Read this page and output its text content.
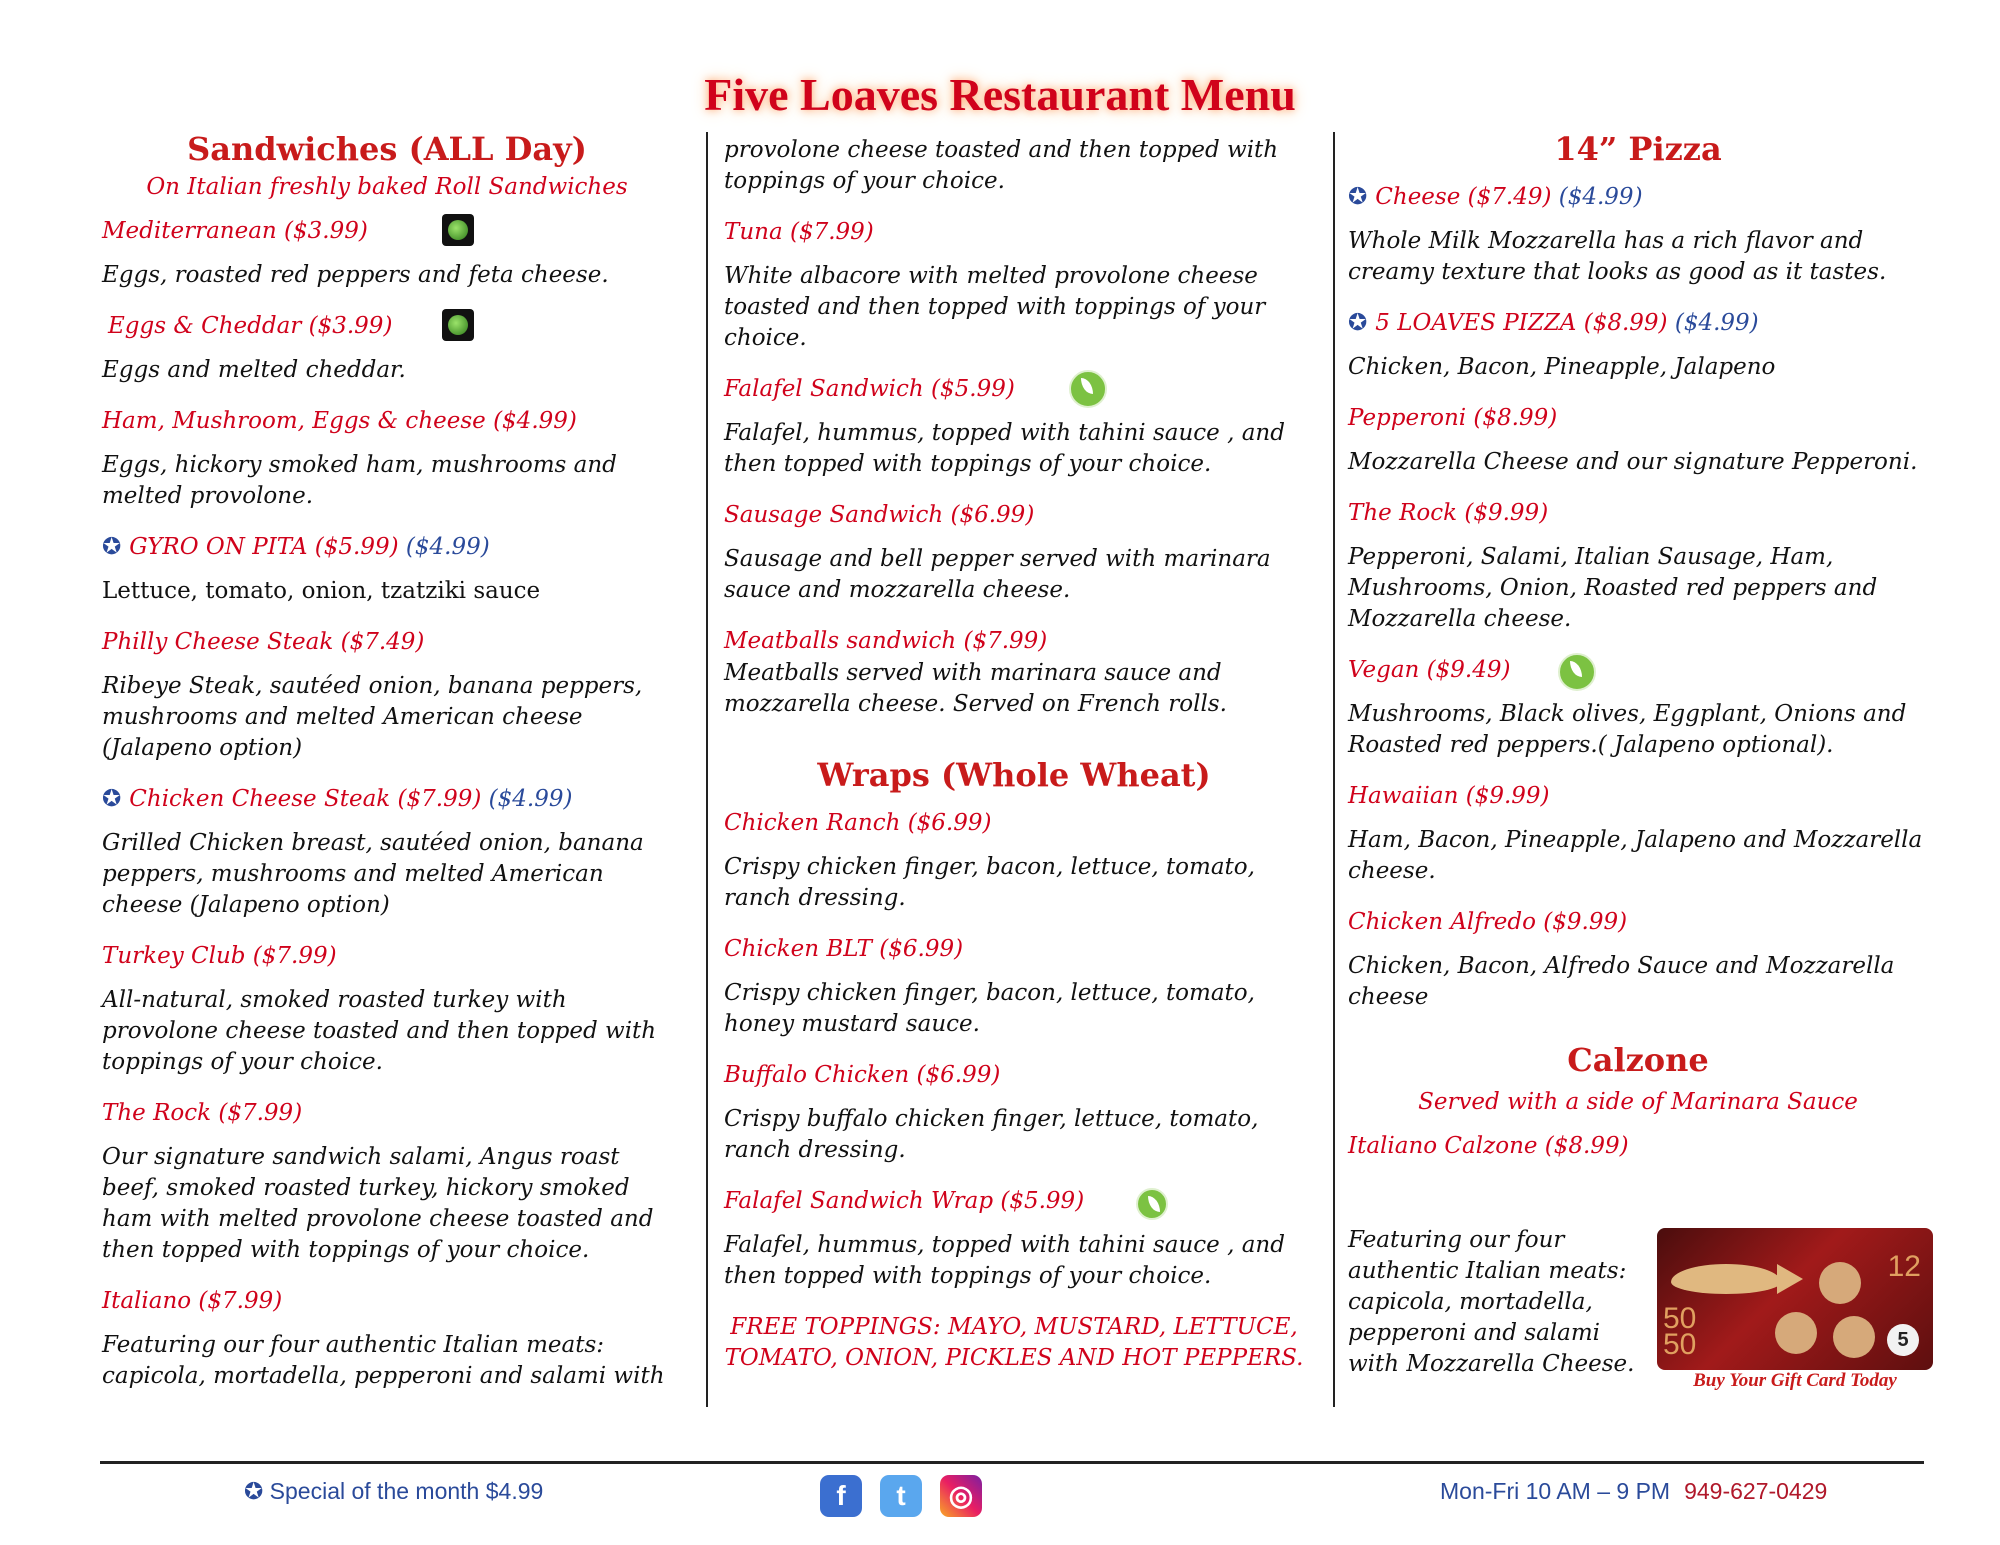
Five Loaves Restaurant Menu
Sandwiches (ALL Day)
On Italian freshly baked Roll Sandwiches
Mediterranean ($3.99)
Eggs, roasted red peppers and feta cheese.
Eggs & Cheddar ($3.99)
Eggs and melted cheddar.
Ham, Mushroom, Eggs & cheese ($4.99)
Eggs, hickory smoked ham, mushrooms and melted provolone.
✪ GYRO ON PITA ($5.99) ($4.99)
Lettuce, tomato, onion, tzatziki sauce
Philly Cheese Steak ($7.49)
Ribeye Steak, sautéed onion, banana peppers, mushrooms and melted American cheese (Jalapeno option)
✪ Chicken Cheese Steak ($7.99) ($4.99)
Grilled Chicken breast, sautéed onion, banana peppers, mushrooms and melted American cheese (Jalapeno option)
Turkey Club ($7.99)
All-natural, smoked roasted turkey with provolone cheese toasted and then topped with toppings of your choice.
The Rock ($7.99)
Our signature sandwich salami, Angus roast beef, smoked roasted turkey, hickory smoked ham with melted provolone cheese toasted and then topped with toppings of your choice.
Italiano ($7.99)
Featuring our four authentic Italian meats: capicola, mortadella, pepperoni and salami with
provolone cheese toasted and then topped with toppings of your choice.
Tuna ($7.99)
White albacore with melted provolone cheese toasted and then topped with toppings of your choice.
Falafel Sandwich ($5.99)
Falafel, hummus, topped with tahini sauce , and then topped with toppings of your choice.
Sausage Sandwich ($6.99)
Sausage and bell pepper served with marinara sauce and mozzarella cheese.
Meatballs sandwich ($7.99)
Meatballs served with marinara sauce and mozzarella cheese. Served on French rolls.
Wraps (Whole Wheat)
Chicken Ranch ($6.99)
Crispy chicken finger, bacon, lettuce, tomato, ranch dressing.
Chicken BLT ($6.99)
Crispy chicken finger, bacon, lettuce, tomato, honey mustard sauce.
Buffalo Chicken ($6.99)
Crispy buffalo chicken finger, lettuce, tomato, ranch dressing.
Falafel Sandwich Wrap ($5.99)
Falafel, hummus, topped with tahini sauce , and then topped with toppings of your choice.
FREE TOPPINGS: MAYO, MUSTARD, LETTUCE, TOMATO, ONION, PICKLES AND HOT PEPPERS.
14” Pizza
✪ Cheese ($7.49) ($4.99)
Whole Milk Mozzarella has a rich flavor and creamy texture that looks as good as it tastes.
✪ 5 LOAVES PIZZA ($8.99) ($4.99)
Chicken, Bacon, Pineapple, Jalapeno
Pepperoni ($8.99)
Mozzarella Cheese and our signature Pepperoni.
The Rock ($9.99)
Pepperoni, Salami, Italian Sausage, Ham, Mushrooms, Onion, Roasted red peppers and Mozzarella cheese.
Vegan ($9.49)
Mushrooms, Black olives, Eggplant, Onions and Roasted red peppers.( Jalapeno optional).
Hawaiian ($9.99)
Ham, Bacon, Pineapple, Jalapeno and Mozzarella cheese.
Chicken Alfredo ($9.99)
Chicken, Bacon, Alfredo Sauce and Mozzarella cheese
Calzone
Served with a side of Marinara Sauce
Italiano Calzone ($8.99)
Featuring our four authentic Italian meats: capicola, mortadella, pepperoni and salami with Mozzarella Cheese.
12
50
50	5
Buy Your Gift Card Today
✪ Special of the month $4.99	f	t	◎	Mon-Fri 10 AM – 9 PM 949-627-0429
